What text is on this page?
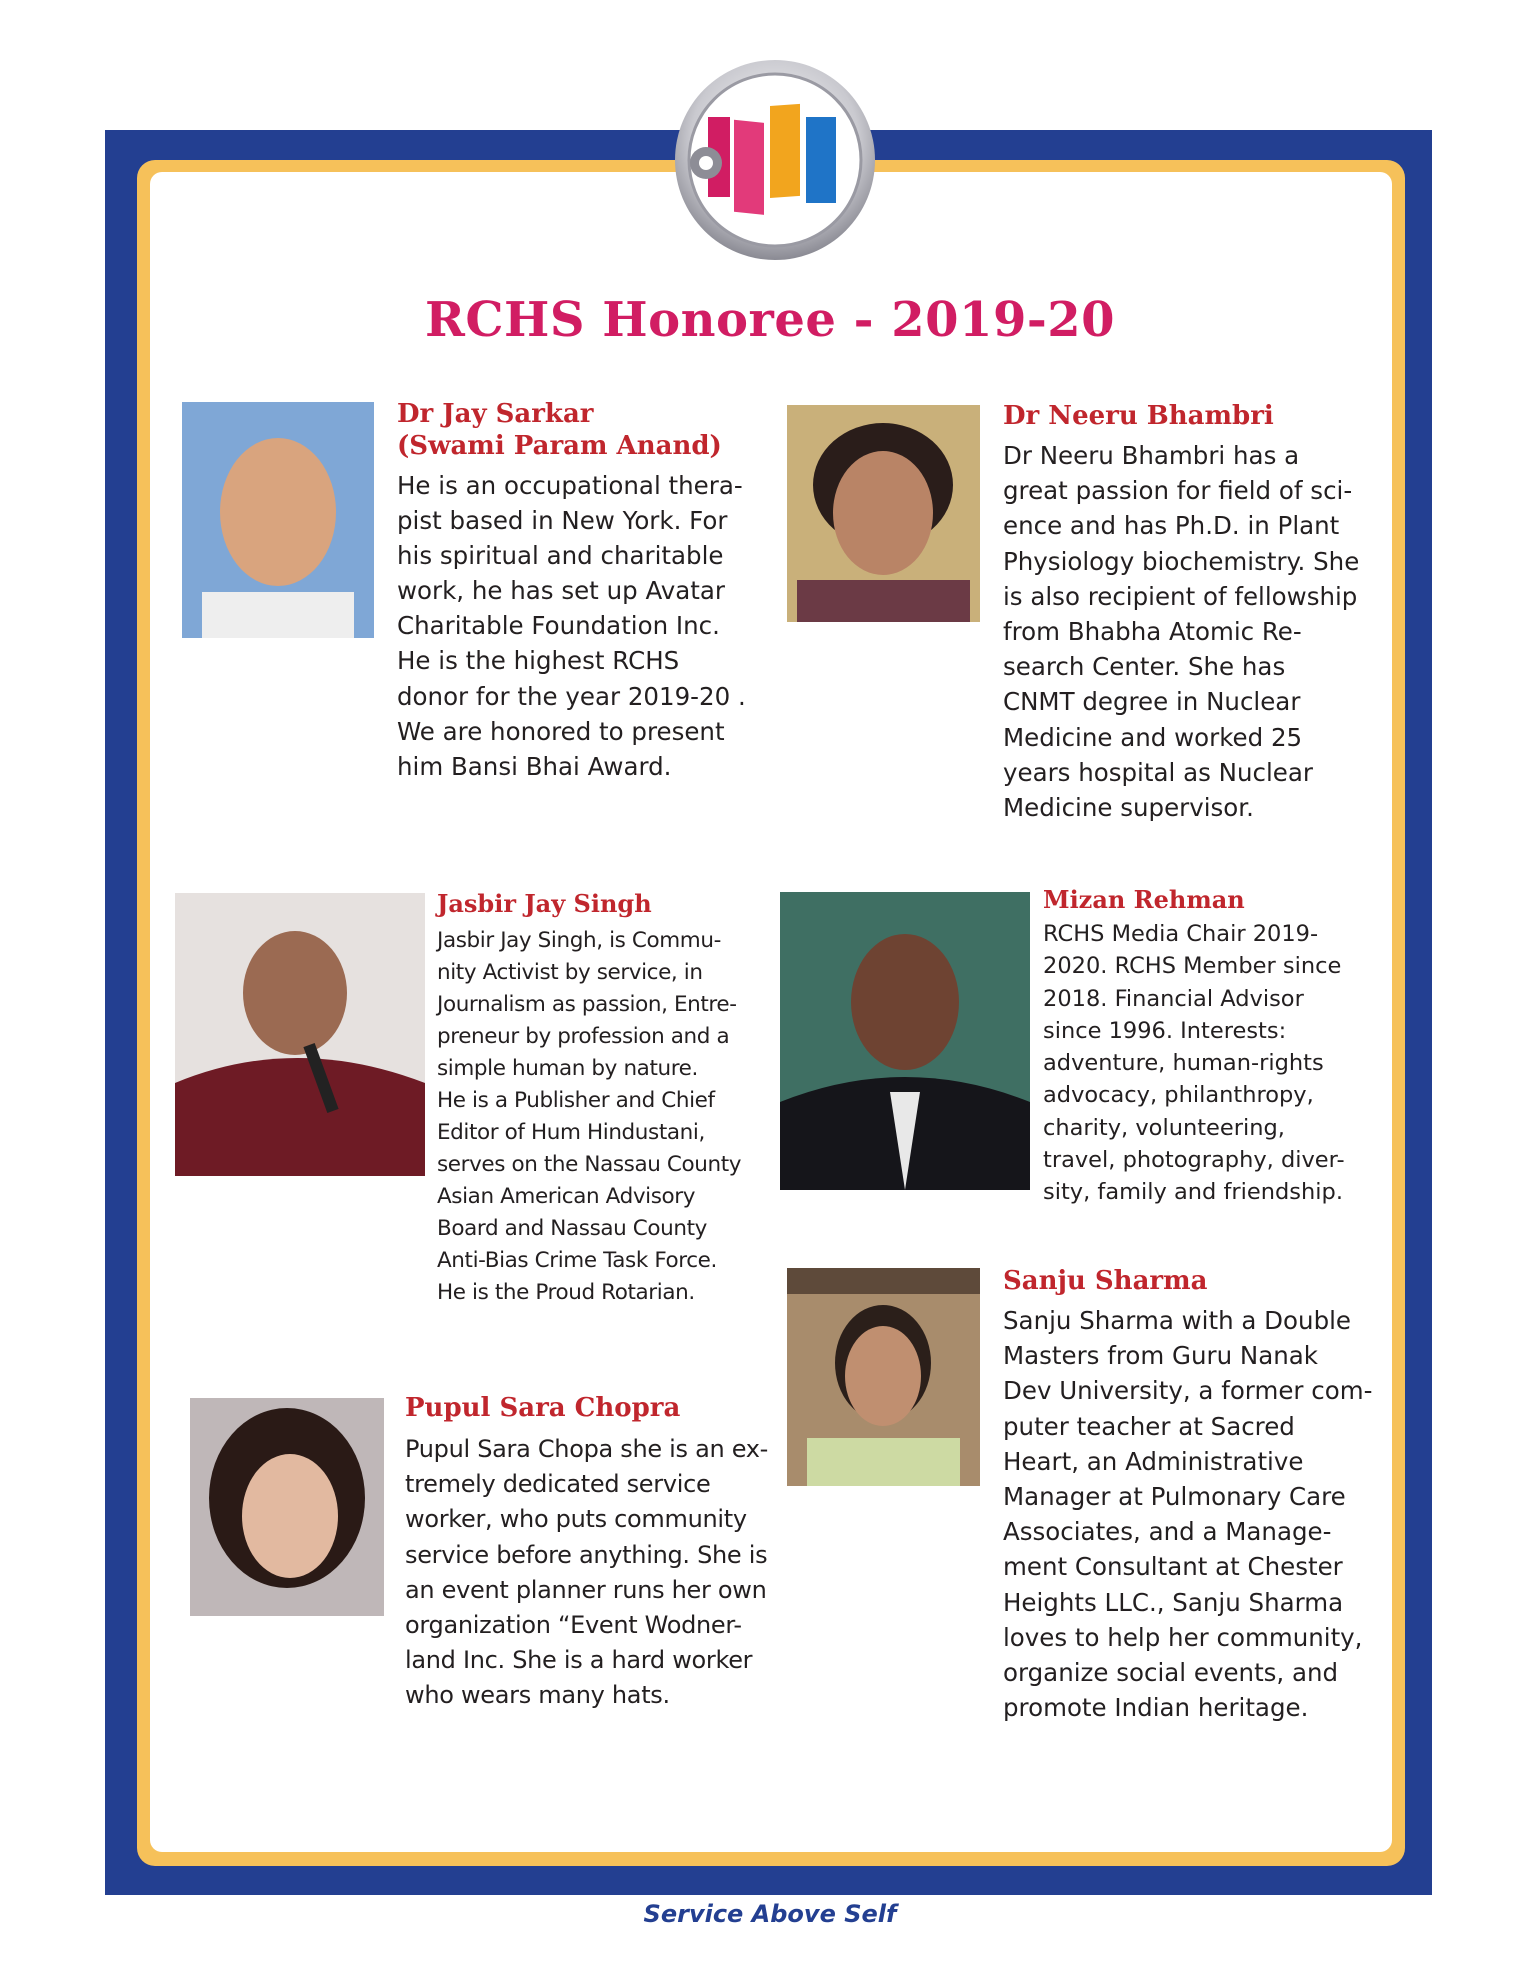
RCHS Honoree - 2019-20
Dr Jay Sarkar
(Swami Param Anand)
He is an occupational thera-
pist based in New York. For
his spiritual and charitable
work, he has set up Avatar
Charitable Foundation Inc.
He is the highest RCHS
donor for the year 2019-20 .
We are honored to present
him Bansi Bhai Award.
Dr Neeru Bhambri
Dr Neeru Bhambri has a
great passion for field of sci-
ence and has Ph.D. in Plant
Physiology biochemistry. She
is also recipient of fellowship
from Bhabha Atomic Re-
search Center. She has
CNMT degree in Nuclear
Medicine and worked 25
years hospital as Nuclear
Medicine supervisor.
Jasbir Jay Singh
Jasbir Jay Singh, is Commu-
nity Activist by service, in
Journalism as passion, Entre-
preneur by profession and a
simple human by nature.
He is a Publisher and Chief
Editor of Hum Hindustani,
serves on the Nassau County
Asian American Advisory
Board and Nassau County
Anti-Bias Crime Task Force.
He is the Proud Rotarian.
Mizan Rehman
RCHS Media Chair 2019-
2020. RCHS Member since
2018. Financial Advisor
since 1996. Interests:
adventure, human-rights
advocacy, philanthropy,
charity, volunteering,
travel, photography, diver-
sity, family and friendship.
Sanju Sharma
Sanju Sharma with a Double
Masters from Guru Nanak
Dev University, a former com-
puter teacher at Sacred
Heart, an Administrative
Manager at Pulmonary Care
Associates, and a Manage-
ment Consultant at Chester
Heights LLC., Sanju Sharma
loves to help her community,
organize social events, and
promote Indian heritage.
Pupul Sara Chopra
Pupul Sara Chopa she is an ex-
tremely dedicated service
worker, who puts community
service before anything. She is
an event planner runs her own
organization “Event Wodner-
land Inc. She is a hard worker
who wears many hats.
Service Above Self
